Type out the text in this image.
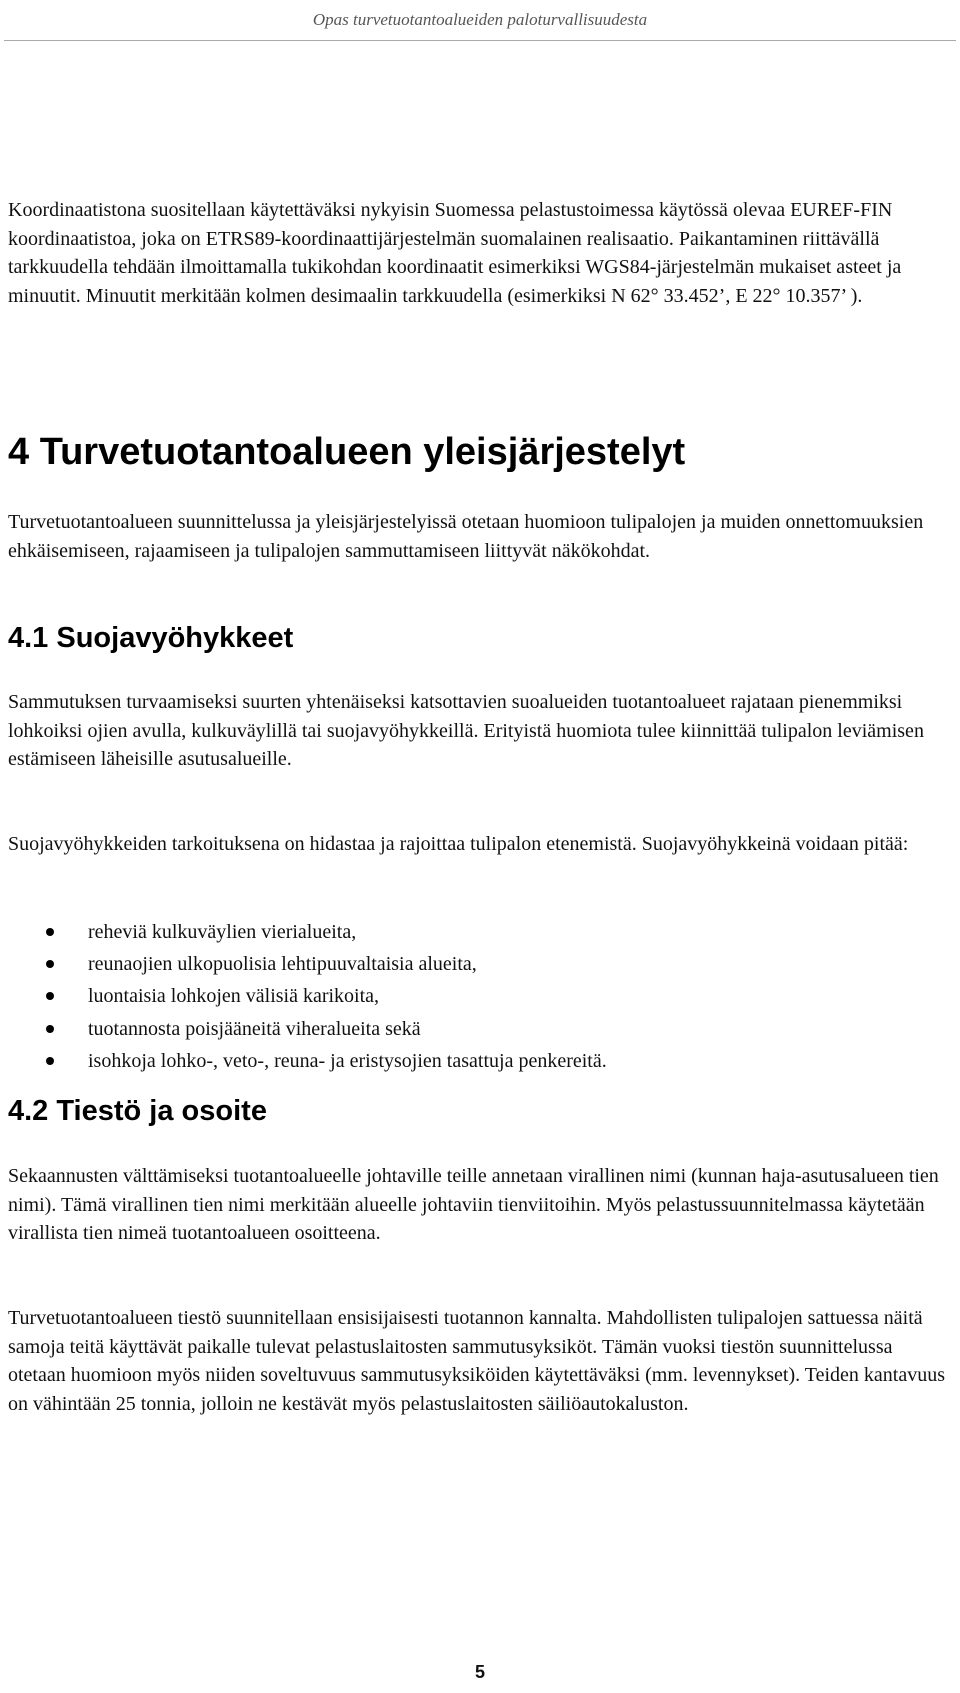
Opas turvetuotantoalueiden paloturvallisuudesta

Koordinaatistona suositellaan käytettäväksi nykyisin Suomessa pelastustoimessa käytössä olevaa EUREF-FIN koordinaatistoa, joka on ETRS89-koordinaattijärjestelmän suomalainen realisaatio. Paikantaminen riittävällä tarkkuudella tehdään ilmoittamalla tukikohdan koordinaatit esimerkiksi WGS84-järjestelmän mukaiset asteet ja minuutit. Minuutit merkitään kolmen desimaalin tarkkuudella (esimerkiksi N 62° 33.452’, E 22° 10.357’ ).

4 Turvetuotantoalueen yleisjärjestelyt

Turvetuotantoalueen suunnittelussa ja yleisjärjestelyissä otetaan huomioon tulipalojen ja muiden onnettomuuksien ehkäisemiseen, rajaamiseen ja tulipalojen sammuttamiseen liittyvät näkökohdat.

4.1 Suojavyöhykkeet

Sammutuksen turvaamiseksi suurten yhtenäiseksi katsottavien suoalueiden tuotantoalueet rajataan pienemmiksi lohkoiksi ojien avulla, kulkuväylillä tai suojavyöhykkeillä. Erityistä huomiota tulee kiinnittää tulipalon leviämisen estämiseen läheisille asutusalueille.

Suojavyöhykkeiden tarkoituksena on hidastaa ja rajoittaa tulipalon etenemistä. Suojavyöhykkeinä voidaan pitää:

reheviä kulkuväylien vierialueita,
reunaojien ulkopuolisia lehtipuuvaltaisia alueita,
luontaisia lohkojen välisiä karikoita,
tuotannosta poisjääneitä viheralueita sekä
isohkoja lohko-, veto-, reuna- ja eristysojien tasattuja penkereitä.
4.2 Tiestö ja osoite

Sekaannusten välttämiseksi tuotantoalueelle johtaville teille annetaan virallinen nimi (kunnan haja-asutusalueen tien nimi). Tämä virallinen tien nimi merkitään alueelle johtaviin tienviitoihin. Myös pelastussuunnitelmassa käytetään virallista tien nimeä tuotantoalueen osoitteena.

Turvetuotantoalueen tiestö suunnitellaan ensisijaisesti tuotannon kannalta. Mahdollisten tulipalojen sattuessa näitä samoja teitä käyttävät paikalle tulevat pelastuslaitosten sammutusyksiköt. Tämän vuoksi tiestön suunnittelussa otetaan huomioon myös niiden soveltuvuus sammutusyksiköiden käytettäväksi (mm. levennykset). Teiden kantavuus on vähintään 25 tonnia, jolloin ne kestävät myös pelastuslaitosten säiliöautokaluston.

5
